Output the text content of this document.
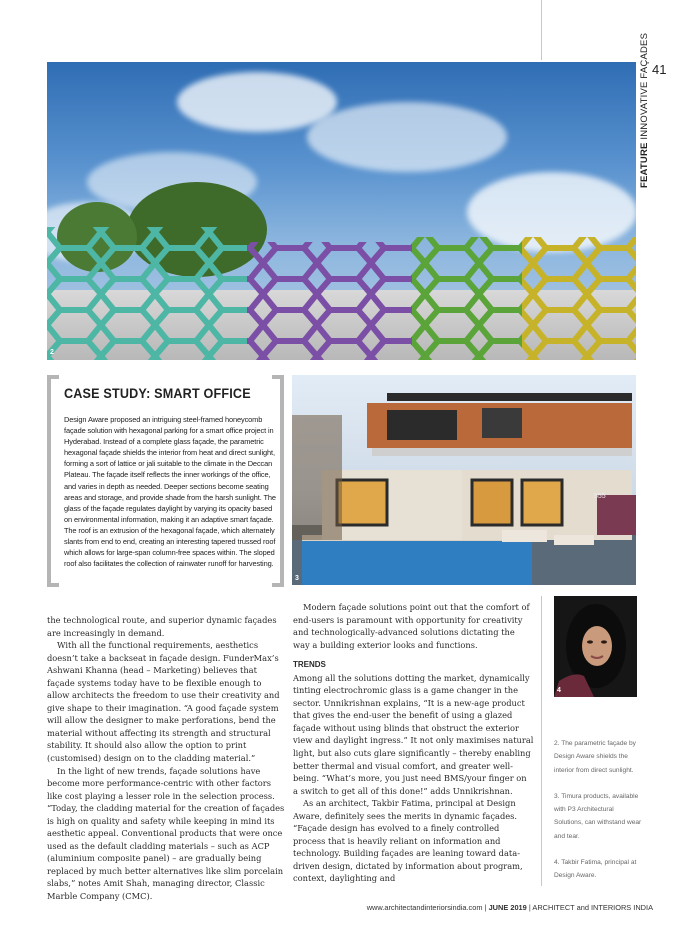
41
FEATURE INNOVATIVE FAÇADES
2
CASE STUDY: SMART OFFICE
Design Aware proposed an intriguing steel-framed honeycomb façade solution with hexagonal parking for a smart office project in Hyderabad. Instead of a complete glass façade, the parametric hexagonal façade shields the interior from heat and direct sunlight, forming a sort of lattice or jali suitable to the climate in the Deccan Plateau. The façade itself reflects the inner workings of the office, and varies in depth as needed. Deeper sections become seating areas and storage, and provide shade from the harsh sunlight. The glass of the façade regulates daylight by varying its opacity based on environmental information, making it an adaptive smart façade. The roof is an extrusion of the hexagonal façade, which alternately slants from end to end, creating an interesting tapered trussed roof which allows for large-span column-free spaces within. The sloped roof also facilitates the collection of rainwater runoff for harvesting.
3
555

the technological route, and superior dynamic façades are increasingly in demand.

With all the functional requirements, aesthetics doesn’t take a backseat in façade design. FunderMax’s Ashwani Khanna (head – Marketing) believes that façade systems today have to be flexible enough to allow architects the freedom to use their creativity and give shape to their imagination. “A good façade system will allow the designer to make perforations, bend the material without affecting its strength and structural stability. It should also allow the option to print (customised) design on to the cladding material.”

In the light of new trends, façade solutions have become more performance-centric with other factors like cost playing a lesser role in the selection process. “Today, the cladding material for the creation of façades is high on quality and safety while keeping in mind its aesthetic appeal. Conventional products that were once used as the default cladding materials – such as ACP (aluminium composite panel) – are gradually being replaced by much better alternatives like slim porcelain slabs,” notes Amit Shah, managing director, Classic Marble Company (CMC).

Modern façade solutions point out that the comfort of end-users is paramount with opportunity for creativity and technologically-advanced solutions dictating the way a building exterior looks and functions.

TRENDS

Among all the solutions dotting the market, dynamically tinting electrochromic glass is a game changer in the sector. Unnikrishnan explains, “It is a new-age product that gives the end-user the benefit of using a glazed façade without using blinds that obstruct the exterior view and daylight ingress.” It not only maximises natural light, but also cuts glare significantly – thereby enabling better thermal and visual comfort, and greater well-being. “What’s more, you just need BMS/your finger on a switch to get all of this done!” adds Unnikrishnan.

As an architect, Takbir Fatima, principal at Design Aware, definitely sees the merits in dynamic façades. “Façade design has evolved to a finely controlled process that is heavily reliant on information and technology. Building façades are leaning toward data-driven design, dictated by information about program, context, daylighting and

4

2. The parametric façade by Design Aware shields the interior from direct sunlight.

3. Timura products, available with P3 Architectural Solutions, can withstand wear and tear.

4. Takbir Fatima, principal at Design Aware.

www.architectandinteriorsindia.com | JUNE 2019 | ARCHITECT and INTERIORS INDIA
